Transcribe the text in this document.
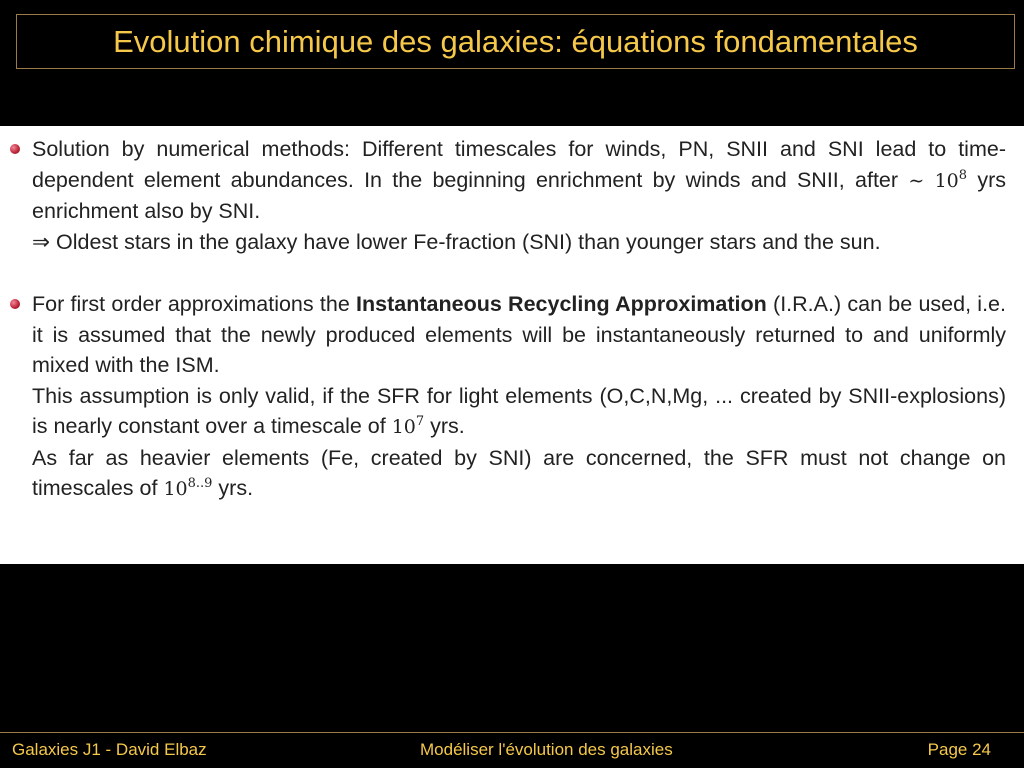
Evolution chimique des galaxies: équations fondamentales
Solution by numerical methods: Different timescales for winds, PN, SNII and SNI lead to time-dependent element abundances. In the beginning enrichment by winds and SNII, after ∼ $10^8$ yrs enrichment also by SNI.
⇒ Oldest stars in the galaxy have lower Fe-fraction (SNI) than younger stars and the sun.
For first order approximations the Instantaneous Recycling Approximation (I.R.A.) can be used, i.e. it is assumed that the newly produced elements will be instantaneously returned to and uniformly mixed with the ISM.
This assumption is only valid, if the SFR for light elements (O,C,N,Mg, ... created by SNII-explosions) is nearly constant over a timescale of $10^7$ yrs.
As far as heavier elements (Fe, created by SNI) are concerned, the SFR must not change on timescales of $10^{8..9}$ yrs.
Galaxies J1 - David Elbaz	Modéliser l'évolution des galaxies	Page 24
